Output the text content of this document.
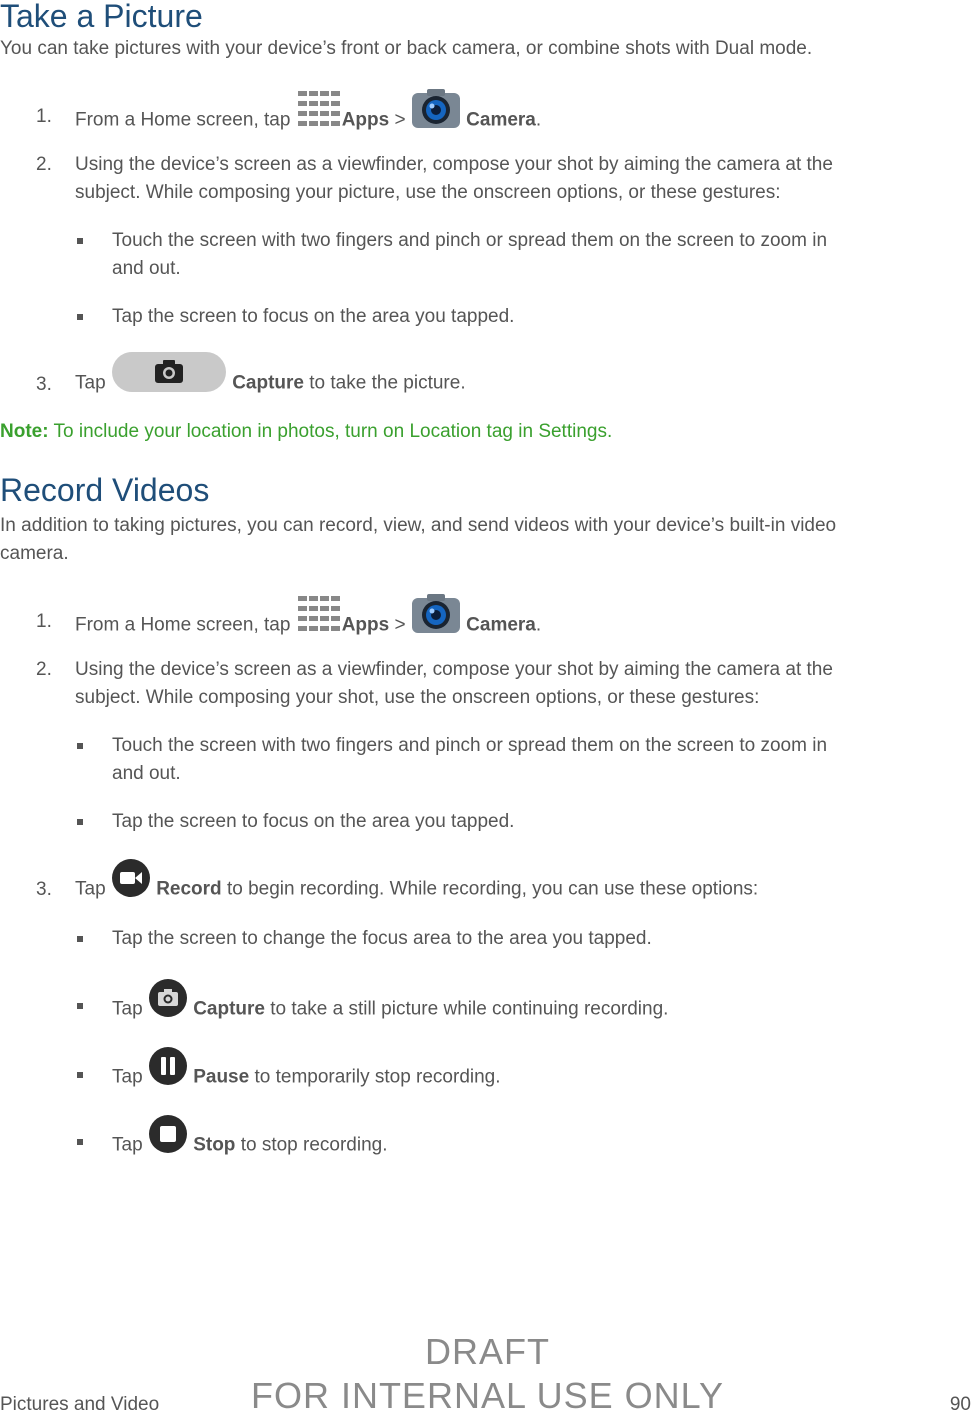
Take a Picture
You can take pictures with your device’s front or back camera, or combine shots with Dual mode.
1. From a Home screen, tap	Apps >	Camera.
2. Using the device’s screen as a viewfinder, compose your shot by aiming the camera at the
subject. While composing your picture, use the onscreen options, or these gestures:
Touch the screen with two fingers and pinch or spread them on the screen to zoom in
and out.
Tap the screen to focus on the area you tapped.
3. Tap	Capture to take the picture.
Note: To include your location in photos, turn on Location tag in Settings.
Record Videos
In addition to taking pictures, you can record, view, and send videos with your device’s built-in video
camera.
1. From a Home screen, tap	Apps >	Camera.
2. Using the device’s screen as a viewfinder, compose your shot by aiming the camera at the
subject. While composing your shot, use the onscreen options, or these gestures:
Touch the screen with two fingers and pinch or spread them on the screen to zoom in
and out.
Tap the screen to focus on the area you tapped.
3. Tap	Record to begin recording. While recording, you can use these options:
Tap the screen to change the focus area to the area you tapped.
Tap	Capture to take a still picture while continuing recording.
Tap	Pause to temporarily stop recording.
Tap	Stop to stop recording.
DRAFT
FOR INTERNAL USE ONLY
Pictures and Video	90
